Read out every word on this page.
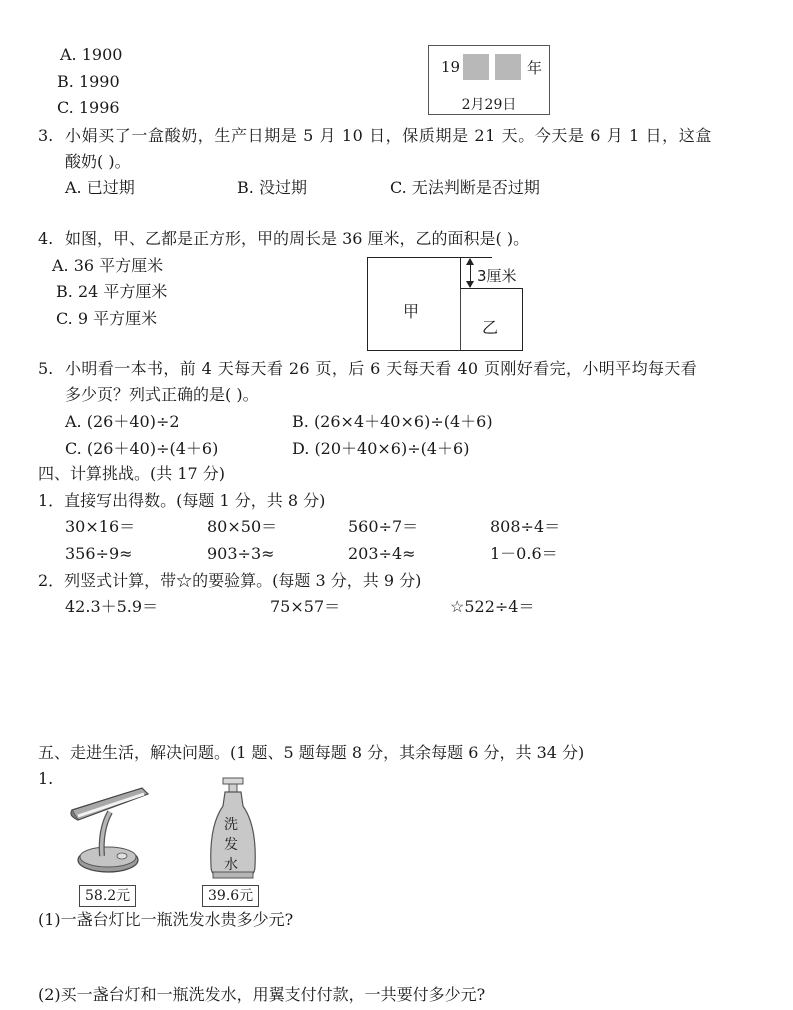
A. 1900
B. 1990
C. 1996
19	年
2月29日
3. 小娟买了一盒酸奶，生产日期是 5 月 10 日，保质期是 21 天。今天是 6 月 1 日，这盒
酸奶( )。
A. 已过期	B. 没过期	C. 无法判断是否过期
4. 如图，甲、乙都是正方形，甲的周长是 36 厘米，乙的面积是( )。
A. 36 平方厘米
B. 24 平方厘米
C. 9 平方厘米
3厘米
甲
乙
5. 小明看一本书，前 4 天每天看 26 页，后 6 天每天看 40 页刚好看完，小明平均每天看
多少页？列式正确的是( )。
A. (26＋40)÷2	B. (26×4＋40×6)÷(4＋6)
C. (26＋40)÷(4＋6)	D. (20＋40×6)÷(4＋6)
四、计算挑战。(共 17 分)
1．直接写出得数。(每题 1 分，共 8 分)
30×16＝	80×50＝	560÷7＝	808÷4＝
356÷9≈	903÷3≈	203÷4≈	1－0.6＝
2．列竖式计算，带☆的要验算。(每题 3 分，共 9 分)
42.3＋5.9＝	75×57＝	☆522÷4＝
五、走进生活，解决问题。(1 题、5 题每题 8 分，其余每题 6 分，共 34 分)
1.
洗
发
水
58.2元	39.6元
(1)一盏台灯比一瓶洗发水贵多少元?
(2)买一盏台灯和一瓶洗发水，用翼支付付款，一共要付多少元?
